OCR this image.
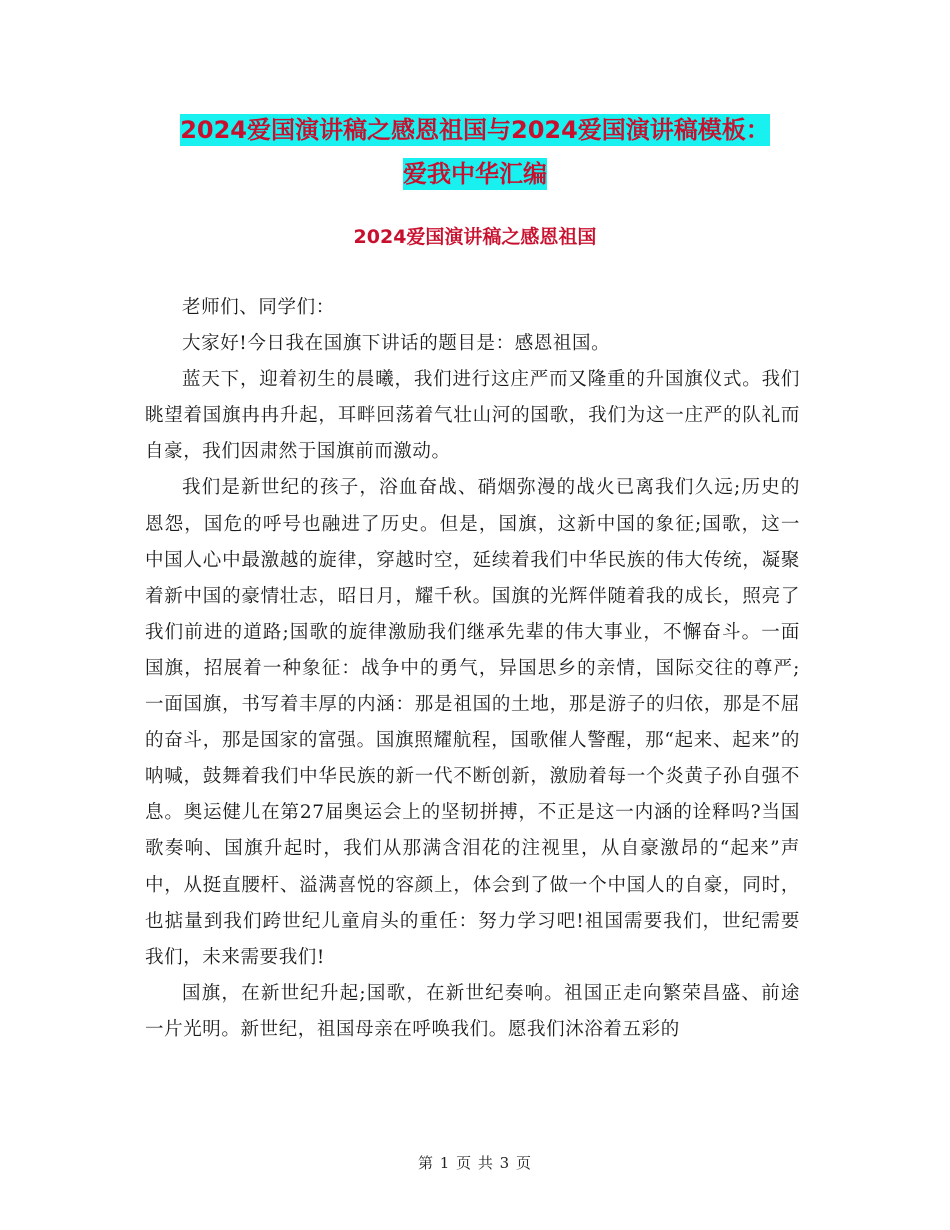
2024爱国演讲稿之感恩祖国与2024爱国演讲稿模板：
爱我中华汇编
2024爱国演讲稿之感恩祖国

老师们、同学们：

大家好!今日我在国旗下讲话的题目是：感恩祖国。

蓝天下，迎着初生的晨曦，我们进行这庄严而又隆重的升国旗仪式。我们眺望着国旗冉冉升起，耳畔回荡着气壮山河的国歌，我们为这一庄严的队礼而自豪，我们因肃然于国旗前而激动。

我们是新世纪的孩子，浴血奋战、硝烟弥漫的战火已离我们久远;历史的恩怨，国危的呼号也融进了历史。但是，国旗，这新中国的象征;国歌，这一中国人心中最激越的旋律，穿越时空，延续着我们中华民族的伟大传统，凝聚着新中国的豪情壮志，昭日月，耀千秋。国旗的光辉伴随着我的成长，照亮了我们前进的道路;国歌的旋律激励我们继承先辈的伟大事业，不懈奋斗。一面国旗，招展着一种象征：战争中的勇气，异国思乡的亲情，国际交往的尊严;一面国旗，书写着丰厚的内涵：那是祖国的土地，那是游子的归依，那是不屈的奋斗，那是国家的富强。国旗照耀航程，国歌催人警醒，那“起来、起来”的呐喊，鼓舞着我们中华民族的新一代不断创新，激励着每一个炎黄子孙自强不息。奥运健儿在第27届奥运会上的坚韧拼搏，不正是这一内涵的诠释吗?当国歌奏响、国旗升起时，我们从那满含泪花的注视里，从自豪激昂的“起来”声中，从挺直腰杆、溢满喜悦的容颜上，体会到了做一个中国人的自豪，同时，也掂量到我们跨世纪儿童肩头的重任：努力学习吧!祖国需要我们，世纪需要我们，未来需要我们!

国旗，在新世纪升起;国歌，在新世纪奏响。祖国正走向繁荣昌盛、前途一片光明。新世纪，祖国母亲在呼唤我们。愿我们沐浴着五彩的

第 1 页 共 3 页
